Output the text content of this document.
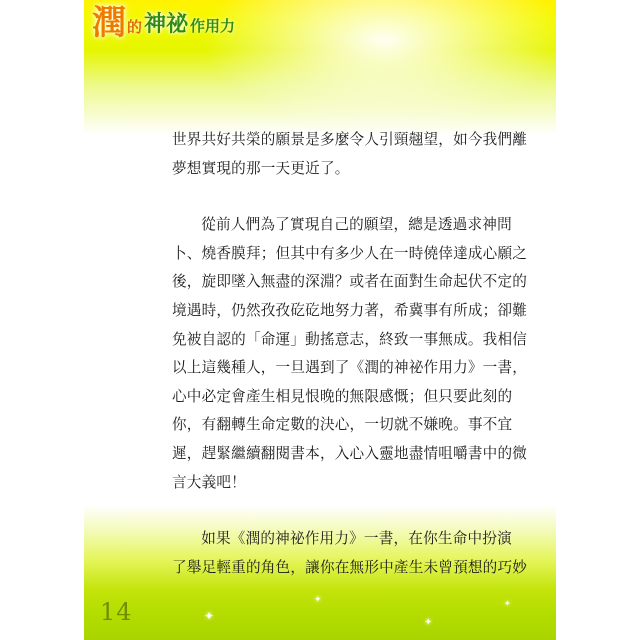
潤 的 神祕 作用力

世界共好共榮的願景是多麼令人引頸翹望，如今我們離
夢想實現的那一天更近了。

從前人們為了實現自己的願望，總是透過求神問
卜、燒香膜拜；但其中有多少人在一時僥倖達成心願之
後，旋即墜入無盡的深淵？或者在面對生命起伏不定的
境遇時，仍然孜孜矻矻地努力著，希冀事有所成；卻難
免被自認的「命運」動搖意志，終致一事無成。我相信
以上這幾種人，一旦遇到了《潤的神祕作用力》一書，
心中必定會產生相見恨晚的無限感慨；但只要此刻的
你，有翻轉生命定數的決心，一切就不嫌晚。事不宜
遲，趕緊繼續翻閱書本，入心入靈地盡情咀嚼書中的微
言大義吧！

如果《潤的神祕作用力》一書，在你生命中扮演
了舉足輕重的角色，讓你在無形中產生未曾預想的巧妙

✦
✦
✦
✦
14
